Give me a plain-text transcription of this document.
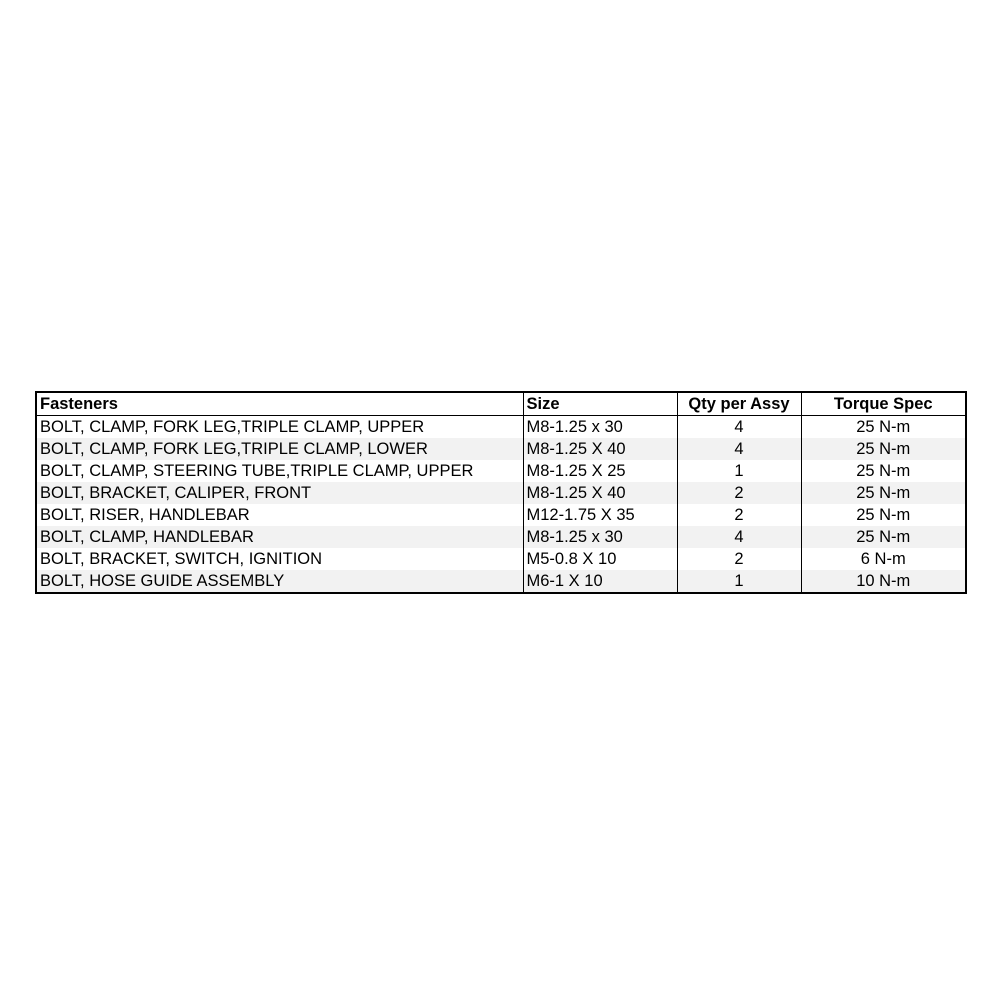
Fasteners	Size	Qty per Assy	Torque Spec
BOLT, CLAMP, FORK LEG,TRIPLE CLAMP, UPPER	M8-1.25 x 30	4	25 N-m
BOLT, CLAMP, FORK LEG,TRIPLE CLAMP, LOWER	M8-1.25 X 40	4	25 N-m
BOLT, CLAMP, STEERING TUBE,TRIPLE CLAMP, UPPER	M8-1.25 X 25	1	25 N-m
BOLT, BRACKET, CALIPER, FRONT	M8-1.25 X 40	2	25 N-m
BOLT, RISER, HANDLEBAR	M12-1.75 X 35	2	25 N-m
BOLT, CLAMP, HANDLEBAR	M8-1.25 x 30	4	25 N-m
BOLT, BRACKET, SWITCH, IGNITION	M5-0.8 X 10	2	6 N-m
BOLT, HOSE GUIDE ASSEMBLY	M6-1 X 10	1	10 N-m
